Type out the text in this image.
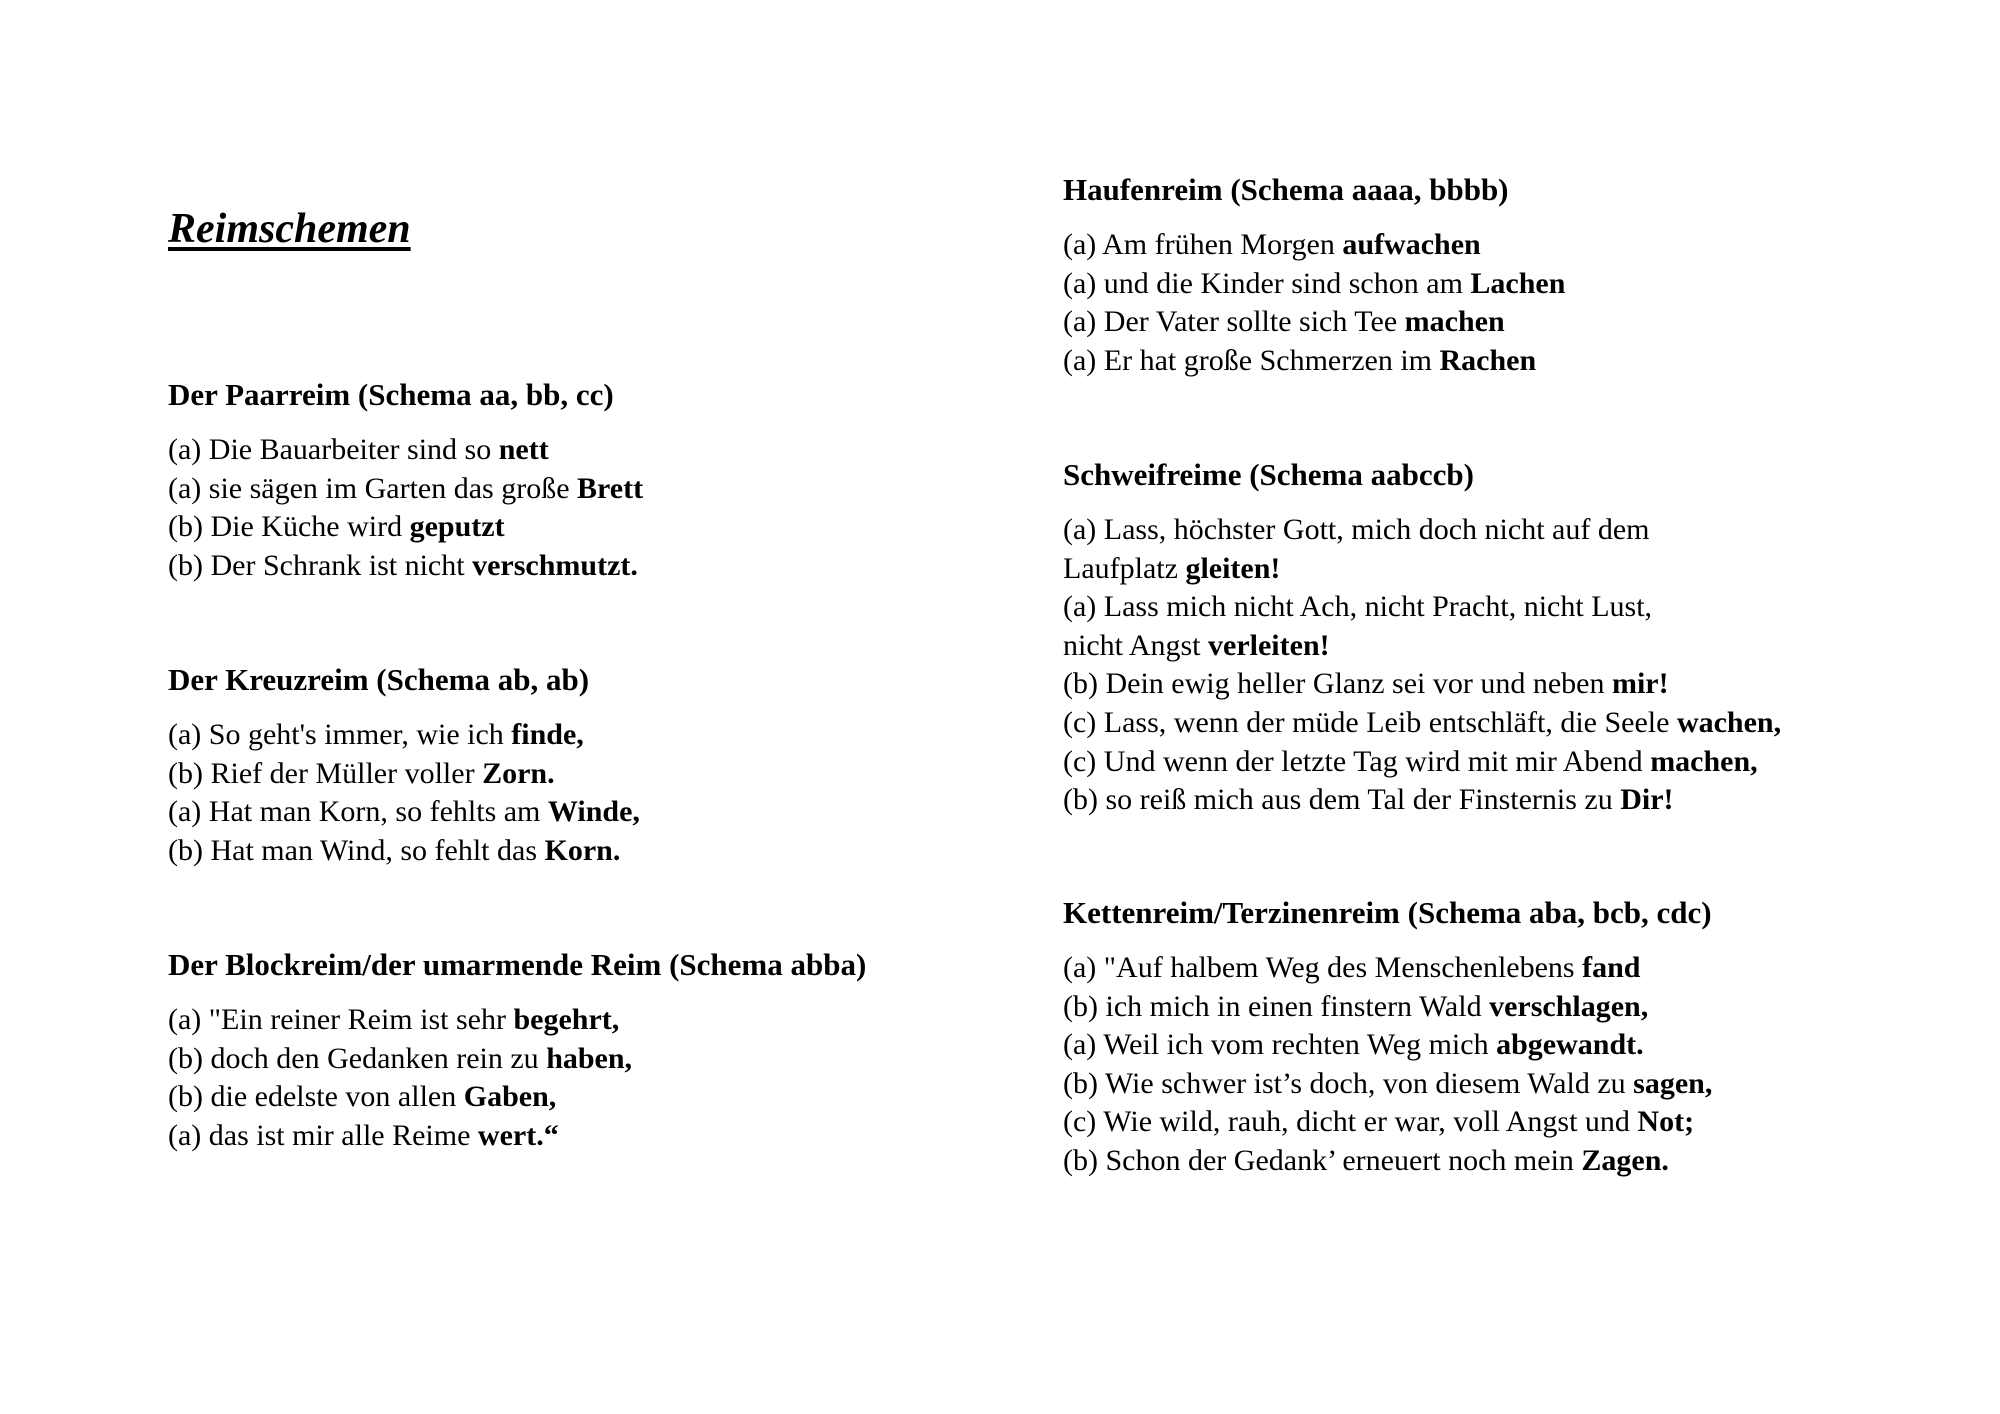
Reimschemen
Der Paarreim (Schema aa, bb, cc)
(a) Die Bauarbeiter sind so nett
(a) sie sägen im Garten das große Brett
(b) Die Küche wird geputzt
(b) Der Schrank ist nicht verschmutzt.
Der Kreuzreim (Schema ab, ab)
(a) So geht's immer, wie ich finde,
(b) Rief der Müller voller Zorn.
(a) Hat man Korn, so fehlts am Winde,
(b) Hat man Wind, so fehlt das Korn.
Der Blockreim/der umarmende Reim (Schema abba)
(a) "Ein reiner Reim ist sehr begehrt,
(b) doch den Gedanken rein zu haben,
(b) die edelste von allen Gaben,
(a) das ist mir alle Reime wert.“
Haufenreim (Schema aaaa, bbbb)
(a) Am frühen Morgen aufwachen
(a) und die Kinder sind schon am Lachen
(a) Der Vater sollte sich Tee machen
(a) Er hat große Schmerzen im Rachen
Schweifreime (Schema aabccb)
(a) Lass, höchster Gott, mich doch nicht auf dem Laufplatz gleiten!
(a) Lass mich nicht Ach, nicht Pracht, nicht Lust, nicht Angst verleiten!
(b) Dein ewig heller Glanz sei vor und neben mir!
(c) Lass, wenn der müde Leib entschläft, die Seele wachen,
(c) Und wenn der letzte Tag wird mit mir Abend machen,
(b) so reiß mich aus dem Tal der Finsternis zu Dir!
Kettenreim/Terzinenreim (Schema aba, bcb, cdc)
(a) "Auf halbem Weg des Menschenlebens fand
(b) ich mich in einen finstern Wald verschlagen,
(a) Weil ich vom rechten Weg mich abgewandt.
(b) Wie schwer ist’s doch, von diesem Wald zu sagen,
(c) Wie wild, rauh, dicht er war, voll Angst und Not;
(b) Schon der Gedank’ erneuert noch mein Zagen.
